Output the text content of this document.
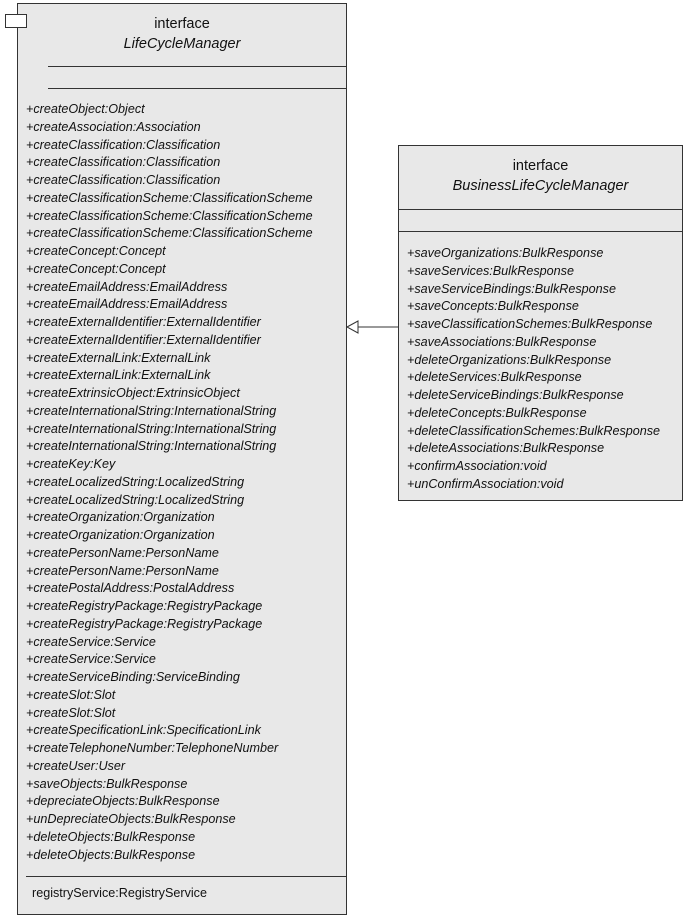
interface
LifeCycleManager
+createObject:Object
+createAssociation:Association
+createClassification:Classification
+createClassification:Classification
+createClassification:Classification
+createClassificationScheme:ClassificationScheme
+createClassificationScheme:ClassificationScheme
+createClassificationScheme:ClassificationScheme
+createConcept:Concept
+createConcept:Concept
+createEmailAddress:EmailAddress
+createEmailAddress:EmailAddress
+createExternalIdentifier:ExternalIdentifier
+createExternalIdentifier:ExternalIdentifier
+createExternalLink:ExternalLink
+createExternalLink:ExternalLink
+createExtrinsicObject:ExtrinsicObject
+createInternationalString:InternationalString
+createInternationalString:InternationalString
+createInternationalString:InternationalString
+createKey:Key
+createLocalizedString:LocalizedString
+createLocalizedString:LocalizedString
+createOrganization:Organization
+createOrganization:Organization
+createPersonName:PersonName
+createPersonName:PersonName
+createPostalAddress:PostalAddress
+createRegistryPackage:RegistryPackage
+createRegistryPackage:RegistryPackage
+createService:Service
+createService:Service
+createServiceBinding:ServiceBinding
+createSlot:Slot
+createSlot:Slot
+createSpecificationLink:SpecificationLink
+createTelephoneNumber:TelephoneNumber
+createUser:User
+saveObjects:BulkResponse
+depreciateObjects:BulkResponse
+unDepreciateObjects:BulkResponse
+deleteObjects:BulkResponse
+deleteObjects:BulkResponse
registryService:RegistryService
interface
BusinessLifeCycleManager
+saveOrganizations:BulkResponse
+saveServices:BulkResponse
+saveServiceBindings:BulkResponse
+saveConcepts:BulkResponse
+saveClassificationSchemes:BulkResponse
+saveAssociations:BulkResponse
+deleteOrganizations:BulkResponse
+deleteServices:BulkResponse
+deleteServiceBindings:BulkResponse
+deleteConcepts:BulkResponse
+deleteClassificationSchemes:BulkResponse
+deleteAssociations:BulkResponse
+confirmAssociation:void
+unConfirmAssociation:void
